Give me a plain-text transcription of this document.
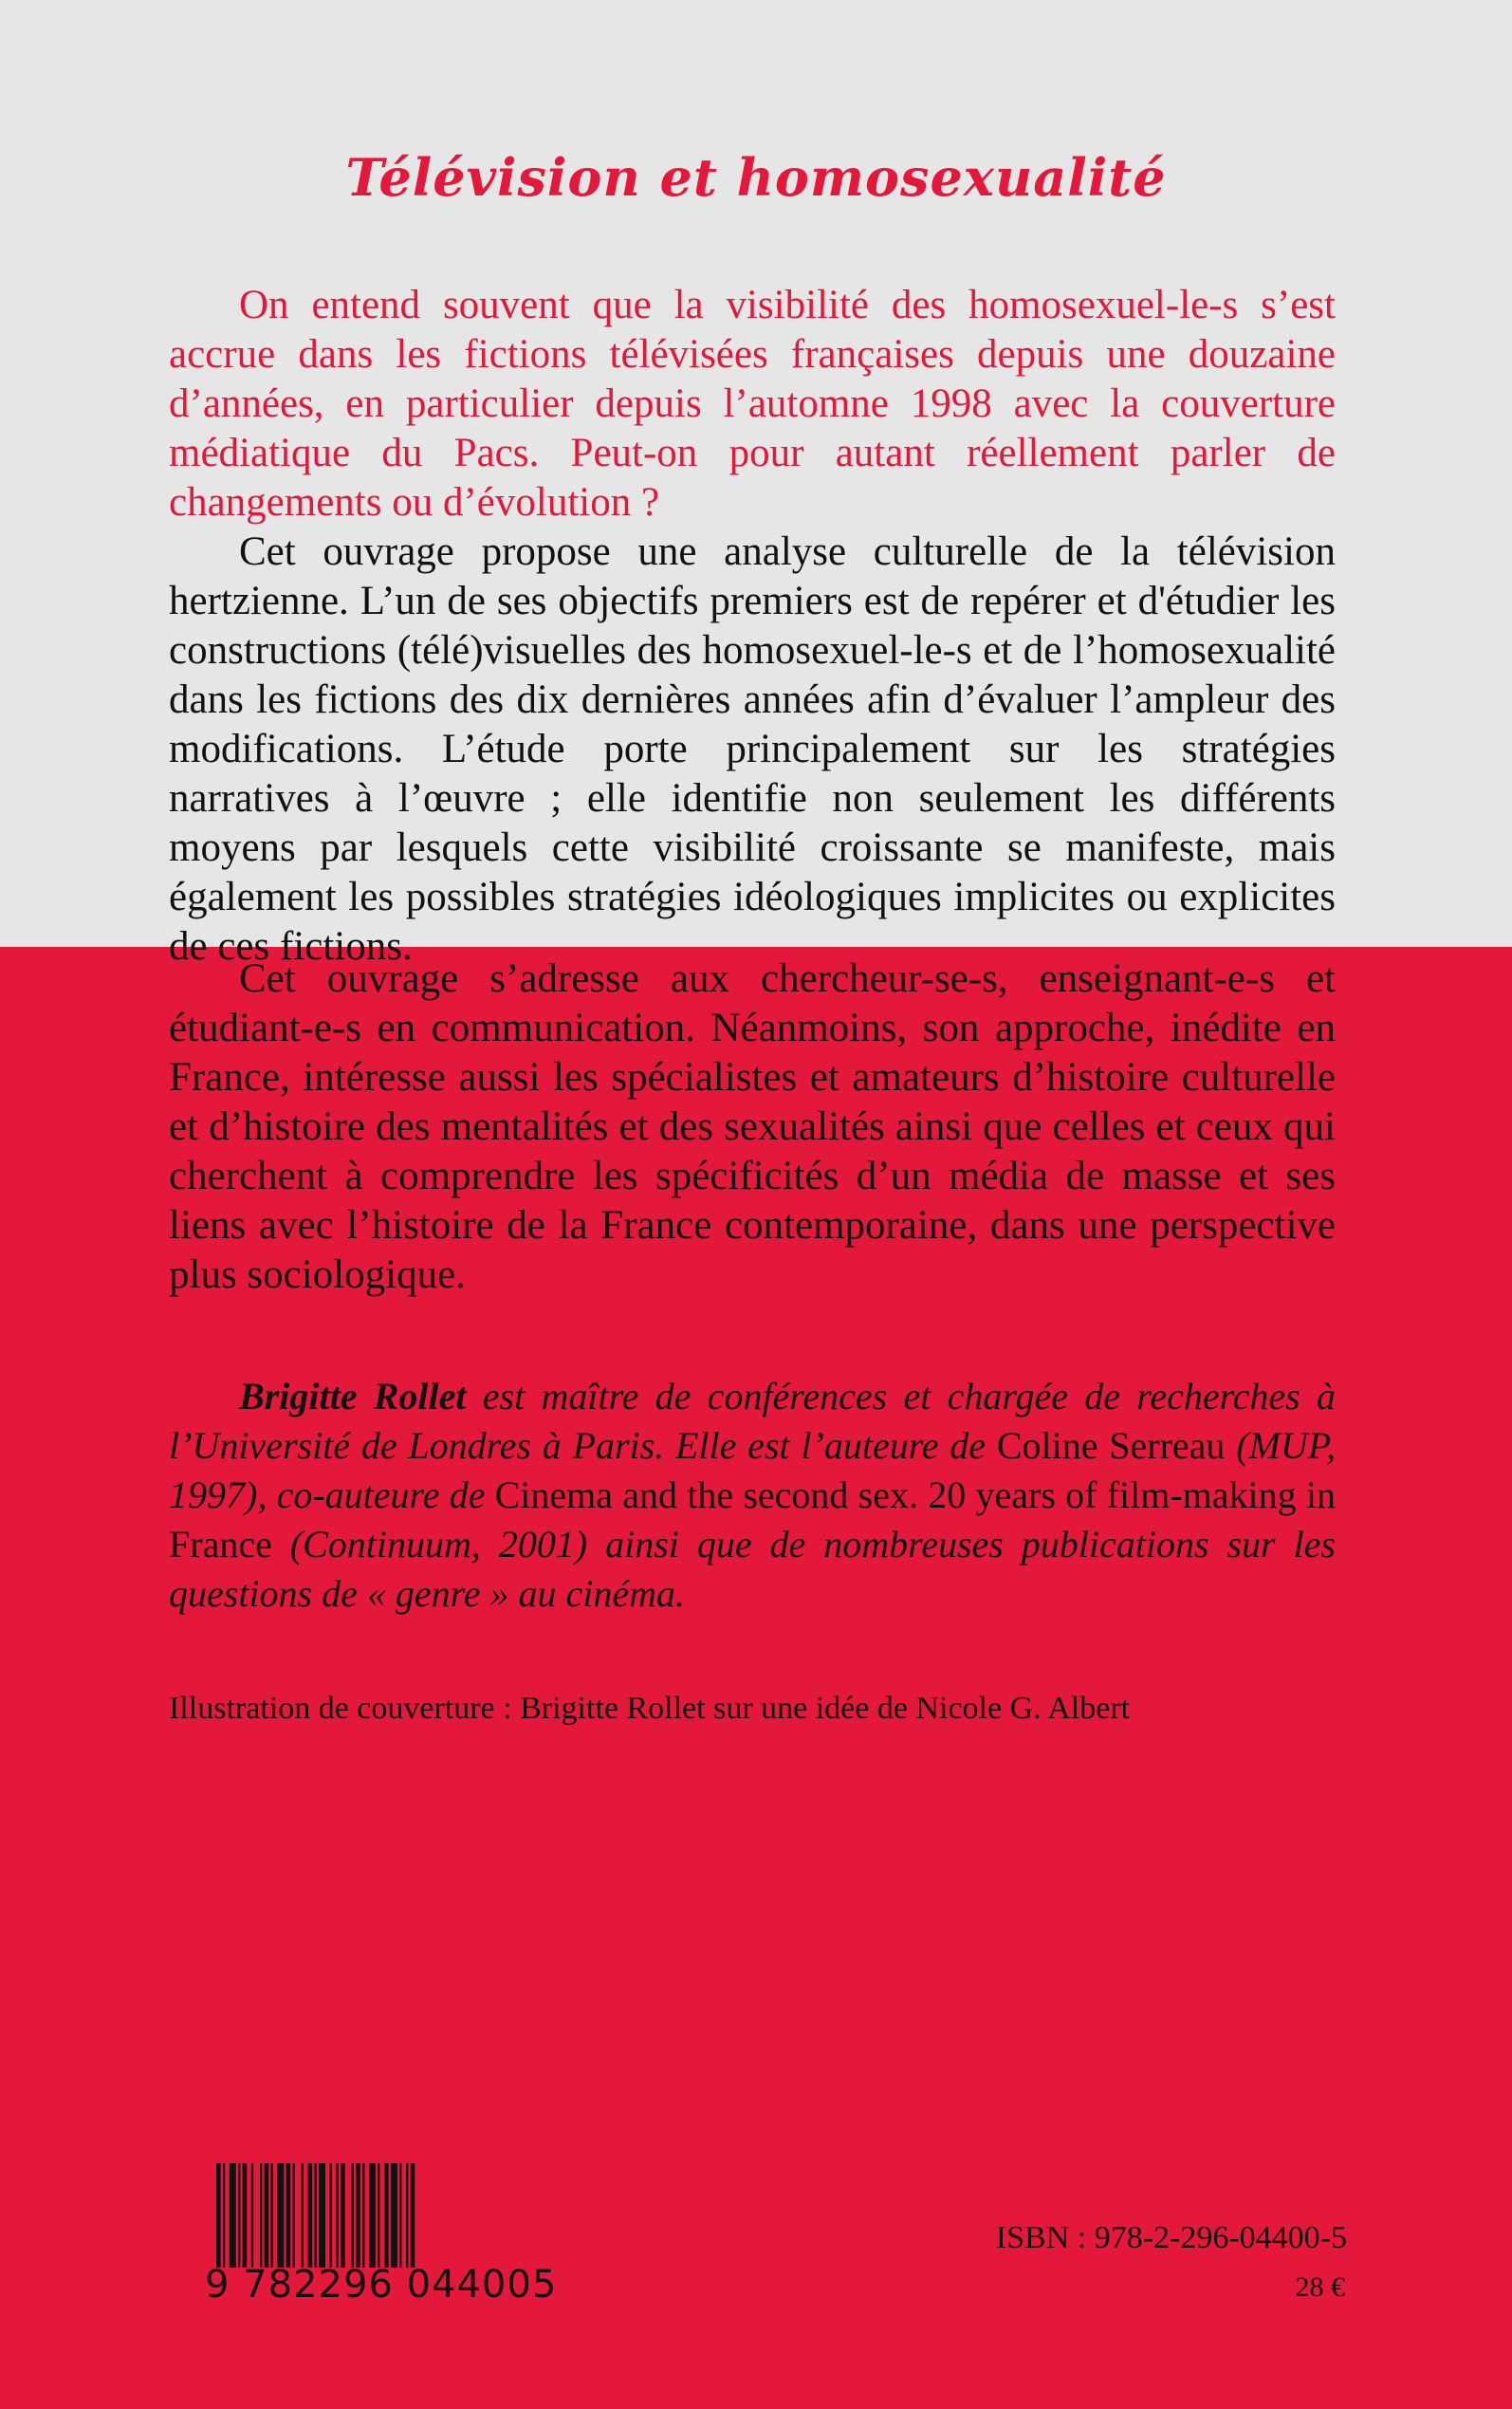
Télévision et homosexualité

On entend souvent que la visibilité des homosexuel-le-s s’est accrue dans les fictions télévisées françaises depuis une douzaine d’années, en particulier depuis l’automne 1998 avec la couverture médiatique du Pacs. Peut-on pour autant réellement parler de changements ou d’évolution ?

Cet ouvrage propose une analyse culturelle de la télévision hertzienne. L’un de ses objectifs premiers est de repérer et d'étudier les constructions (télé)visuelles des homosexuel-le-s et de l’homosexualité dans les fictions des dix dernières années afin d’évaluer l’ampleur des modifications. L’étude porte principalement sur les stratégies narratives à l’œuvre ; elle identifie non seulement les différents moyens par lesquels cette visibilité croissante se manifeste, mais également les possibles stratégies idéologiques implicites ou explicites de ces fictions.

Cet ouvrage s’adresse aux chercheur-se-s, enseignant-e-s et étudiant-e-s en communication. Néanmoins, son approche, inédite en France, intéresse aussi les spécialistes et amateurs d’histoire culturelle et d’histoire des mentalités et des sexualités ainsi que celles et ceux qui cherchent à comprendre les spécificités d’un média de masse et ses liens avec l’histoire de la France contemporaine, dans une perspective plus sociologique.

Brigitte Rollet est maître de conférences et chargée de recherches à l’Université de Londres à Paris. Elle est l’auteure de Coline Serreau (MUP, 1997), co-auteure de Cinema and the second sex. 20 years of film-making in France (Continuum, 2001) ainsi que de nombreuses publications sur les questions de « genre » au cinéma.
Illustration de couverture : Brigitte Rollet sur une idée de Nicole G. Albert
9 782296 044005
ISBN : 978-2-296-04400-5
28 €
